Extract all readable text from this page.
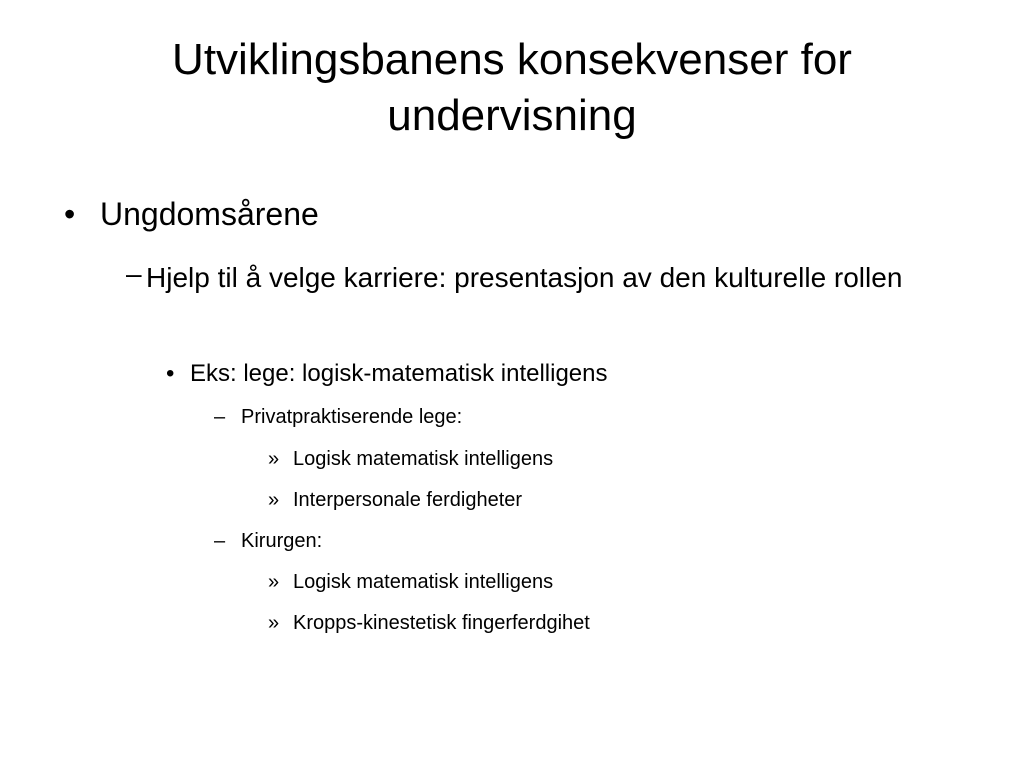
Utviklingsbanens konsekvenser for undervisning
• Ungdomsårene
– Hjelp til å velge karriere: presentasjon av den kulturelle rollen
• Eks: lege: logisk-matematisk intelligens
– Privatpraktiserende lege:
» Logisk matematisk intelligens
» Interpersonale ferdigheter
– Kirurgen:
» Logisk matematisk intelligens
» Kropps-kinestetisk fingerferdgihet
